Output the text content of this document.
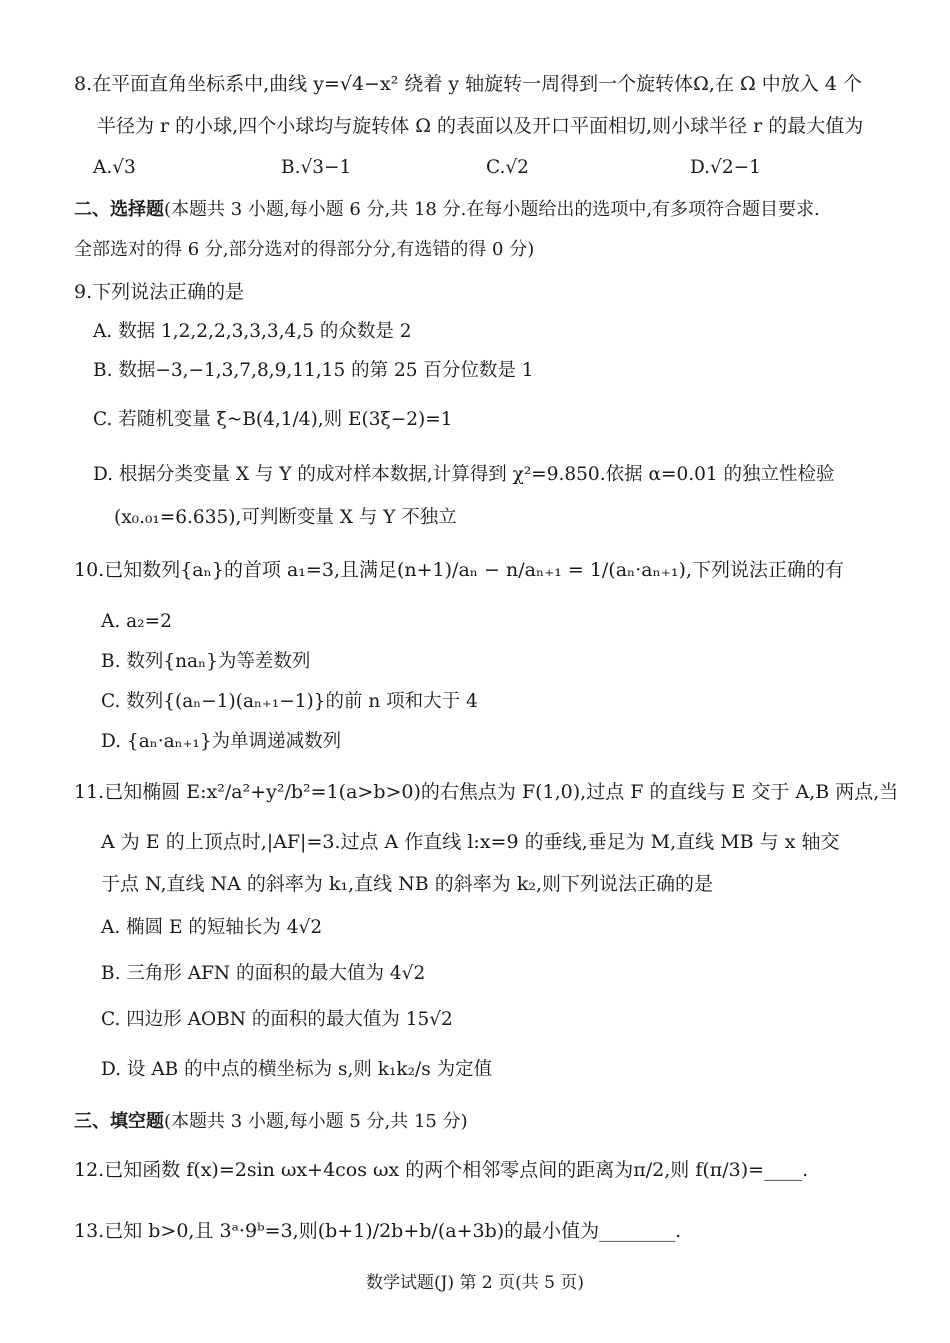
8.在平面直角坐标系中,曲线 y=√4−x² 绕着 y 轴旋转一周得到一个旋转体Ω,在 Ω 中放入 4 个
半径为 r 的小球,四个小球均与旋转体 Ω 的表面以及开口平面相切,则小球半径 r 的最大值为
A.√3	B.√3−1	C.√2	D.√2−1
二、选择题(本题共 3 小题,每小题 6 分,共 18 分.在每小题给出的选项中,有多项符合题目要求.
全部选对的得 6 分,部分选对的得部分分,有选错的得 0 分)
9.下列说法正确的是
A. 数据 1,2,2,2,3,3,3,4,5 的众数是 2
B. 数据−3,−1,3,7,8,9,11,15 的第 25 百分位数是 1
C. 若随机变量 ξ~B(4,1/4),则 E(3ξ−2)=1
D. 根据分类变量 X 与 Y 的成对样本数据,计算得到 χ²=9.850.依据 α=0.01 的独立性检验
(x₀.₀₁=6.635),可判断变量 X 与 Y 不独立
10.已知数列{aₙ}的首项 a₁=3,且满足(n+1)/aₙ − n/aₙ₊₁ = 1/(aₙ·aₙ₊₁),下列说法正确的有
A. a₂=2
B. 数列{naₙ}为等差数列
C. 数列{(aₙ−1)(aₙ₊₁−1)}的前 n 项和大于 4
D. {aₙ·aₙ₊₁}为单调递减数列
11.已知椭圆 E:x²/a²+y²/b²=1(a>b>0)的右焦点为 F(1,0),过点 F 的直线与 E 交于 A,B 两点,当
A 为 E 的上顶点时,|AF|=3.过点 A 作直线 l:x=9 的垂线,垂足为 M,直线 MB 与 x 轴交
于点 N,直线 NA 的斜率为 k₁,直线 NB 的斜率为 k₂,则下列说法正确的是
A. 椭圆 E 的短轴长为 4√2
B. 三角形 AFN 的面积的最大值为 4√2
C. 四边形 AOBN 的面积的最大值为 15√2
D. 设 AB 的中点的横坐标为 s,则 k₁k₂/s 为定值
三、填空题(本题共 3 小题,每小题 5 分,共 15 分)
12.已知函数 f(x)=2sin ωx+4cos ωx 的两个相邻零点间的距离为π/2,则 f(π/3)=____.
13.已知 b>0,且 3ᵃ·9ᵇ=3,则(b+1)/2b+b/(a+3b)的最小值为________.
数学试题(J) 第 2 页(共 5 页)
